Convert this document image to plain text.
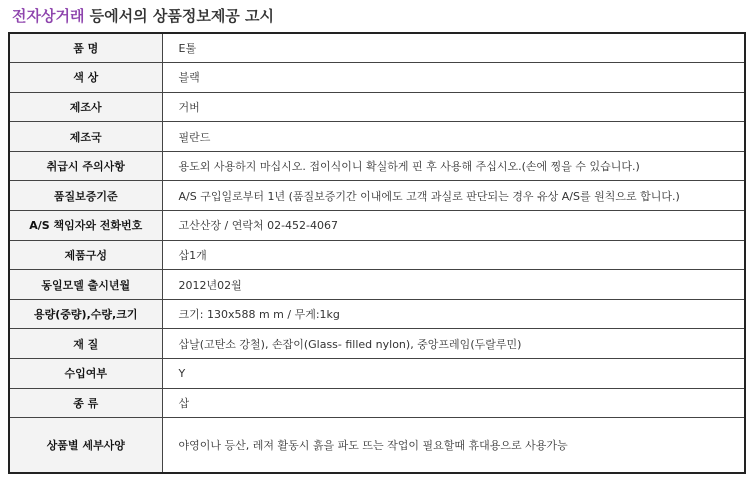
전자상거래 등에서의 상품정보제공 고시
품 명	E툴
색 상	블랙
제조사	거버
제조국	필란드
취급시 주의사항	용도외 사용하지 마십시오. 접이식이니 확실하게 핀 후 사용해 주십시오.(손에 찡을 수 있습니다.)
품질보증기준	A/S 구입일로부터 1년 (품질보증기간 이내에도 고객 과실로 판단되는 경우 유상 A/S를 원칙으로 합니다.)
A/S 책임자와 전화번호	고산산장 / 연락처 02-452-4067
제품구성	삽1개
동일모델 출시년월	2012년02월
용량(중량),수량,크기	크기: 130x588 m m / 무게:1kg
재 질	삽날(고탄소 강철), 손잡이(Glass- filled nylon), 중앙프레임(두랄루민)
수입여부	Y
종 류	삽
상품별 세부사양	야영이나 등산, 레져 활동시 흙을 파도 뜨는 작업이 필요할때 휴대용으로 사용가능
